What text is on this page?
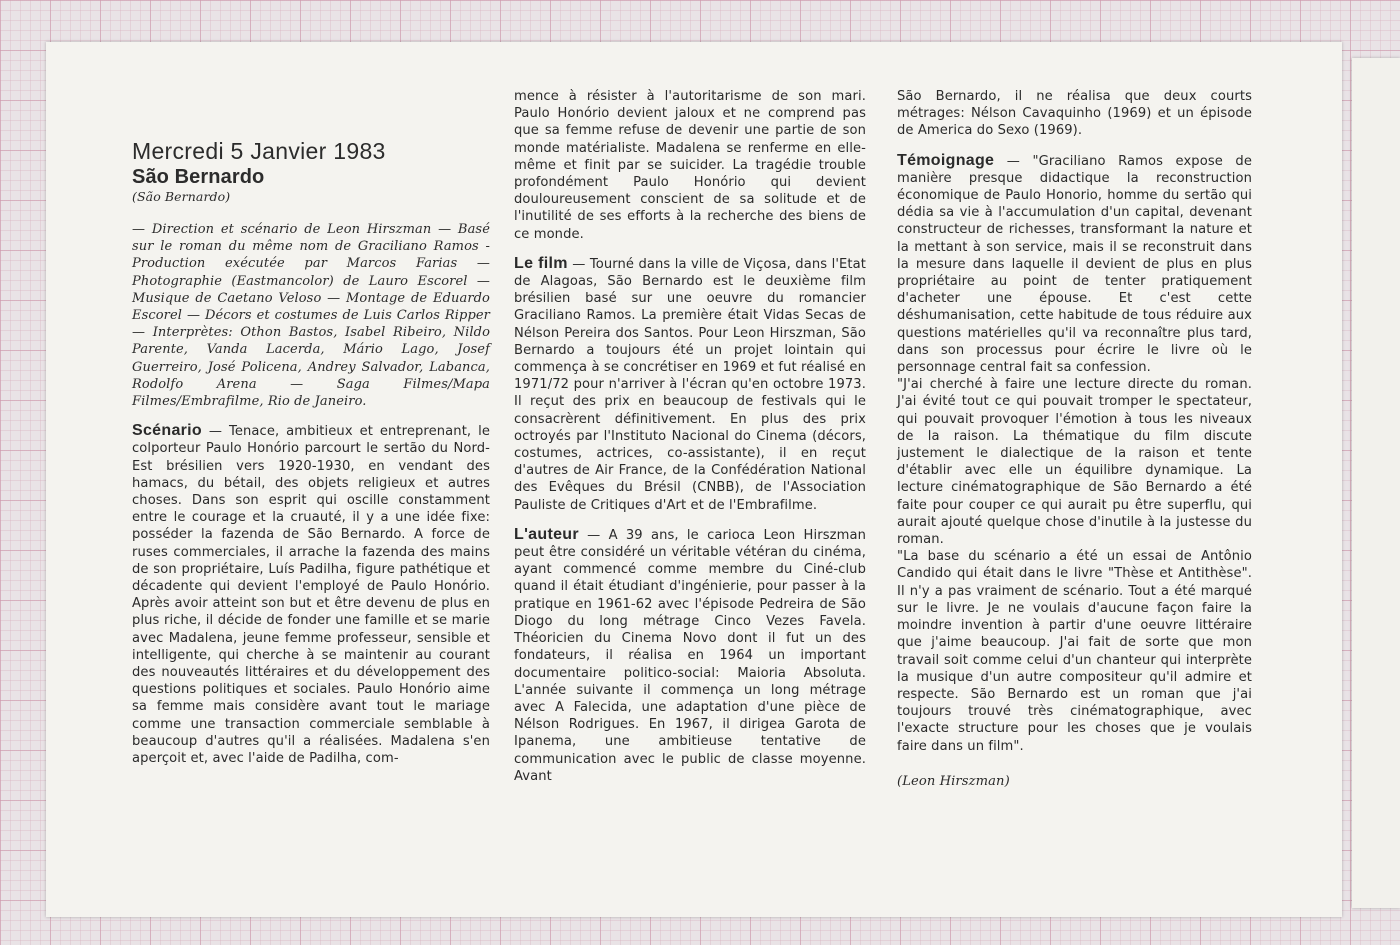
Mercredi 5 Janvier 1983
São Bernardo

(São Bernardo)

— Direction et scénario de Leon Hirszman — Basé sur le roman du même nom de Graciliano Ramos - Production exécutée par Marcos Farias — Photographie (Eastmancolor) de Lauro Escorel — Musique de Caetano Veloso — Montage de Eduardo Escorel — Décors et costumes de Luis Carlos Ripper — Interprètes: Othon Bastos, Isabel Ribeiro, Nildo Parente, Vanda Lacerda, Mário Lago, Josef Guerreiro, José Policena, Andrey Salvador, Labanca, Rodolfo Arena — Saga Filmes/Mapa Filmes/Embrafilme, Rio de Janeiro.

Scénario — Tenace, ambitieux et entreprenant, le colporteur Paulo Honório parcourt le sertão du Nord-Est brésilien vers 1920-1930, en vendant des hamacs, du bétail, des objets religieux et autres choses. Dans son esprit qui oscille constamment entre le courage et la cruauté, il y a une idée fixe: posséder la fazenda de São Bernardo. A force de ruses commerciales, il arrache la fazenda des mains de son propriétaire, Luís Padilha, figure pathétique et décadente qui devient l'employé de Paulo Honório. Après avoir atteint son but et être devenu de plus en plus riche, il décide de fonder une famille et se marie avec Madalena, jeune femme professeur, sensible et intelligente, qui cherche à se maintenir au courant des nouveautés littéraires et du développement des questions politiques et sociales. Paulo Honório aime sa femme mais considère avant tout le mariage comme une transaction commerciale semblable à beaucoup d'autres qu'il a réalisées. Madalena s'en aperçoit et, avec l'aide de Padilha, com-

mence à résister à l'autoritarisme de son mari. Paulo Honório devient jaloux et ne comprend pas que sa femme refuse de devenir une partie de son monde matérialiste. Madalena se renferme en elle-même et finit par se suicider. La tragédie trouble profondément Paulo Honório qui devient douloureusement conscient de sa solitude et de l'inutilité de ses efforts à la recherche des biens de ce monde.

Le film — Tourné dans la ville de Viçosa, dans l'Etat de Alagoas, São Bernardo est le deuxième film brésilien basé sur une oeuvre du romancier Graciliano Ramos. La première était Vidas Secas de Nélson Pereira dos Santos. Pour Leon Hirszman, São Bernardo a toujours été un projet lointain qui commença à se concrétiser en 1969 et fut réalisé en 1971/72 pour n'arriver à l'écran qu'en octobre 1973. Il reçut des prix en beaucoup de festivals qui le consacrèrent définitivement. En plus des prix octroyés par l'Instituto Nacional do Cinema (décors, costumes, actrices, co-assistante), il en reçut d'autres de Air France, de la Confédération National des Evêques du Brésil (CNBB), de l'Association Pauliste de Critiques d'Art et de l'Embrafilme.

L'auteur — A 39 ans, le carioca Leon Hirszman peut être considéré un véritable vétéran du cinéma, ayant commencé comme membre du Ciné-club quand il était étudiant d'ingénierie, pour passer à la pratique en 1961-62 avec l'épisode Pedreira de São Diogo du long métrage Cinco Vezes Favela. Théoricien du Cinema Novo dont il fut un des fondateurs, il réalisa en 1964 un important documentaire politico-social: Maioria Absoluta. L'année suivante il commença un long métrage avec A Falecida, une adaptation d'une pièce de Nélson Rodrigues. En 1967, il dirigea Garota de Ipanema, une ambitieuse tentative de communication avec le public de classe moyenne. Avant

São Bernardo, il ne réalisa que deux courts métrages: Nélson Cavaquinho (1969) et un épisode de America do Sexo (1969).

Témoignage — "Graciliano Ramos expose de manière presque didactique la reconstruction économique de Paulo Honorio, homme du sertão qui dédia sa vie à l'accumulation d'un capital, devenant constructeur de richesses, transformant la nature et la mettant à son service, mais il se reconstruit dans la mesure dans laquelle il devient de plus en plus propriétaire au point de tenter pratiquement d'acheter une épouse. Et c'est cette déshumanisation, cette habitude de tous réduire aux questions matérielles qu'il va reconnaître plus tard, dans son processus pour écrire le livre où le personnage central fait sa confession.

"J'ai cherché à faire une lecture directe du roman. J'ai évité tout ce qui pouvait tromper le spectateur, qui pouvait provoquer l'émotion à tous les niveaux de la raison. La thématique du film discute justement le dialectique de la raison et tente d'établir avec elle un équilibre dynamique. La lecture cinématographique de São Bernardo a été faite pour couper ce qui aurait pu être superflu, qui aurait ajouté quelque chose d'inutile à la justesse du roman.

"La base du scénario a été un essai de Antônio Candido qui était dans le livre "Thèse et Antithèse". Il n'y a pas vraiment de scénario. Tout a été marqué sur le livre. Je ne voulais d'aucune façon faire la moindre invention à partir d'une oeuvre littéraire que j'aime beaucoup. J'ai fait de sorte que mon travail soit comme celui d'un chanteur qui interprète la musique d'un autre compositeur qu'il admire et respecte. São Bernardo est un roman que j'ai toujours trouvé très cinématographique, avec l'exacte structure pour les choses que je voulais faire dans un film".

(Leon Hirszman)
